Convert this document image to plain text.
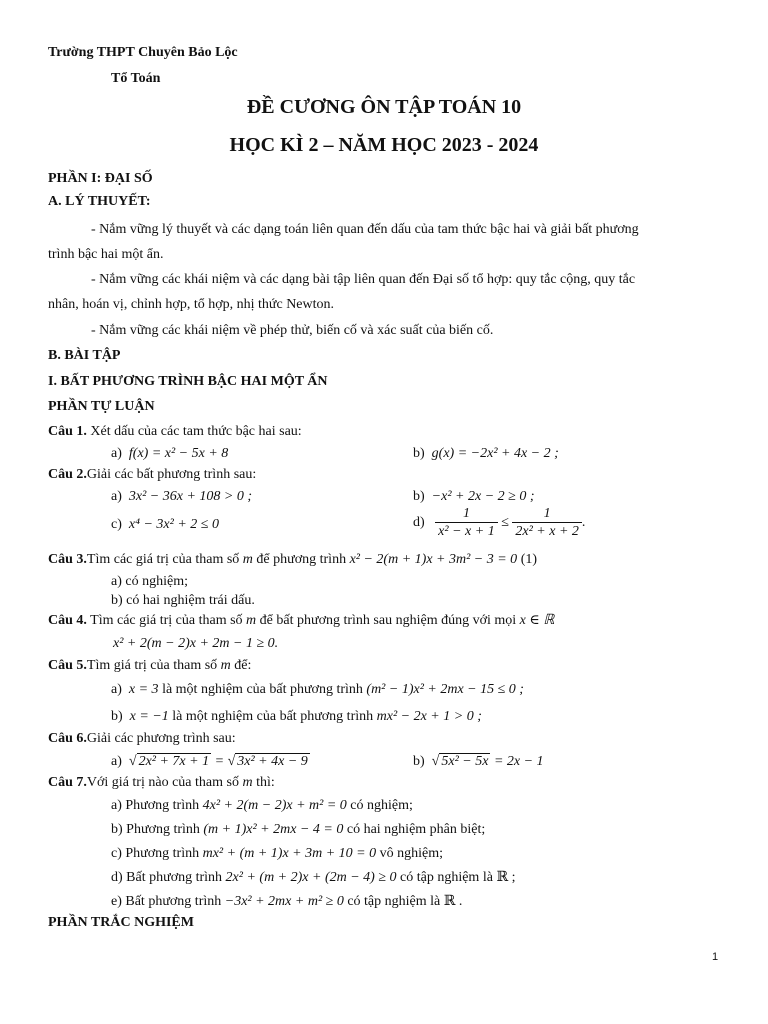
Trường THPT Chuyên Bảo Lộc
Tổ Toán
ĐỀ CƯƠNG ÔN TẬP TOÁN 10
HỌC KÌ 2 – NĂM HỌC 2023 - 2024
PHẦN I: ĐẠI SỐ
A. LÝ THUYẾT:
- Nắm vững lý thuyết và các dạng toán liên quan đến dấu của tam thức bậc hai và giải bất phương
trình bậc hai một ẩn.
- Nắm vững các khái niệm và các dạng bài tập liên quan đến Đại số tổ hợp: quy tắc cộng, quy tắc
nhân, hoán vị, chỉnh hợp, tổ hợp, nhị thức Newton.
- Nắm vững các khái niệm về phép thử, biến cố và xác suất của biến cố.
B. BÀI TẬP
I. BẤT PHƯƠNG TRÌNH BẬC HAI MỘT ẨN
PHẦN TỰ LUẬN
Câu 1. Xét dấu của các tam thức bậc hai sau:
a) f(x) = x² − 5x + 8	b) g(x) = −2x² + 4x − 2 ;
Câu 2.Giải các bất phương trình sau:
a) 3x² − 36x + 108 > 0 ;	b) −x² + 2x − 2 ≥ 0 ;
c) x⁴ − 3x² + 2 ≤ 0	$d) \frac{1}{\text{x² − x + 1}} \le \frac{1}{\text{2x² + x + 2}}$ .
Câu 3.Tìm các giá trị của tham số m để phương trình x² − 2(m + 1)x + 3m² − 3 = 0 (1)
a) có nghiệm;
b) có hai nghiệm trái dấu.
Câu 4. Tìm các giá trị của tham số m để bất phương trình sau nghiệm đúng với mọi x ∈ ℝ
x² + 2(m − 2)x + 2m − 1 ≥ 0.
Câu 5.Tìm giá trị của tham số m để:
a) x = 3 là một nghiệm của bất phương trình (m² − 1)x² + 2mx − 15 ≤ 0 ;
b) x = −1 là một nghiệm của bất phương trình mx² − 2x + 1 > 0 ;
Câu 6.Giải các phương trình sau:
a) √ 2x² + 7x + 1 = √ 3x² + 4x − 9	b) √ 5x² − 5x = 2x − 1
Câu 7.Với giá trị nào của tham số m thì:
a) Phương trình 4x² + 2(m − 2)x + m² = 0 có nghiệm;
b) Phương trình (m + 1)x² + 2mx − 4 = 0 có hai nghiệm phân biệt;
c) Phương trình mx² + (m + 1)x + 3m + 10 = 0 vô nghiệm;
d) Bất phương trình 2x² + (m + 2)x + (2m − 4) ≥ 0 có tập nghiệm là ℝ ;
e) Bất phương trình −3x² + 2mx + m² ≥ 0 có tập nghiệm là ℝ .
PHẦN TRẮC NGHIỆM
1
